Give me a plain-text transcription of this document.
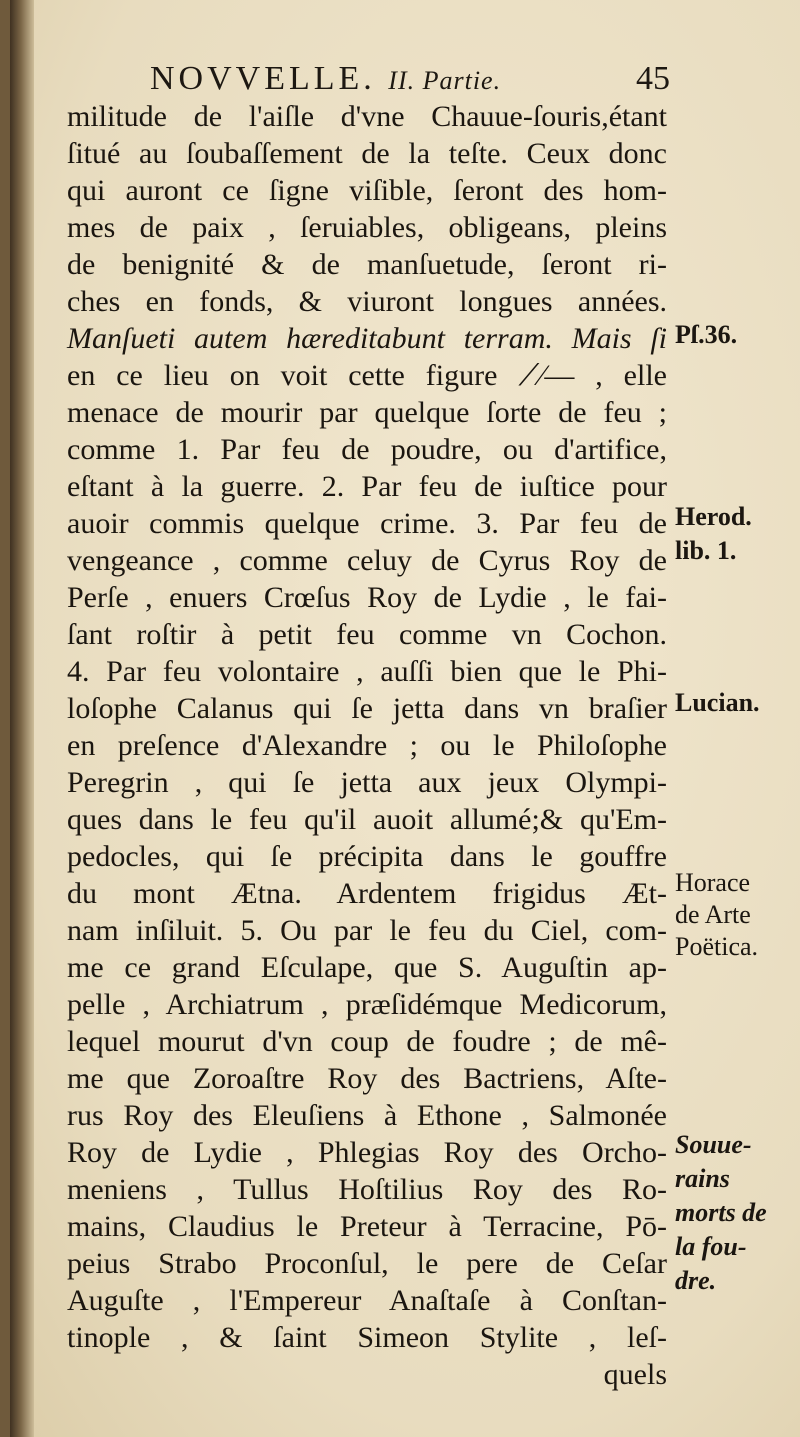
NOVVELLE. II. Partie.	45
militude de l'aiſle d'vne Chauue-ſouris,étant
ſitué au ſoubaſſement de la teſte. Ceux donc
qui auront ce ſigne viſible, ſeront des hom-
mes de paix , ſeruiables, obligeans, pleins
de benignité & de manſuetude, ſeront ri-
ches en fonds, & viuront longues années.
Manſueti autem hæreditabunt terram. Mais ſi
en ce lieu on voit cette figure ⟋⁄— , elle
menace de mourir par quelque ſorte de feu ;
comme 1. Par feu de poudre, ou d'artifice,
eſtant à la guerre. 2. Par feu de iuſtice pour
auoir commis quelque crime. 3. Par feu de
vengeance , comme celuy de Cyrus Roy de
Perſe , enuers Crœſus Roy de Lydie , le fai-
ſant roſtir à petit feu comme vn Cochon.
4. Par feu volontaire , auſſi bien que le Phi-
loſophe Calanus qui ſe jetta dans vn braſier
en preſence d'Alexandre ; ou le Philoſophe
Peregrin , qui ſe jetta aux jeux Olympi-
ques dans le feu qu'il auoit allumé;& qu'Em-
pedocles, qui ſe précipita dans le gouffre
du mont Ætna. Ardentem frigidus Æt-
nam inſiluit. 5. Ou par le feu du Ciel, com-
me ce grand Eſculape, que S. Auguſtin ap-
pelle , Archiatrum , præſidémque Medicorum,
lequel mourut d'vn coup de foudre ; de mê-
me que Zoroaſtre Roy des Bactriens, Aſte-
rus Roy des Eleuſiens à Ethone , Salmonée
Roy de Lydie , Phlegias Roy des Orcho-
meniens , Tullus Hoſtilius Roy des Ro-
mains, Claudius le Preteur à Terracine, Pō-
peius Strabo Proconſul, le pere de Ceſar
Auguſte , l'Empereur Anaſtaſe à Conſtan-
tinople , & ſaint Simeon Stylite , leſ-
quels
Pſ.36.
Herod.
lib. 1.
Lucian.
Horace
de Arte
Poëtica.
Souue-
rains
morts de
la fou-
dre.
